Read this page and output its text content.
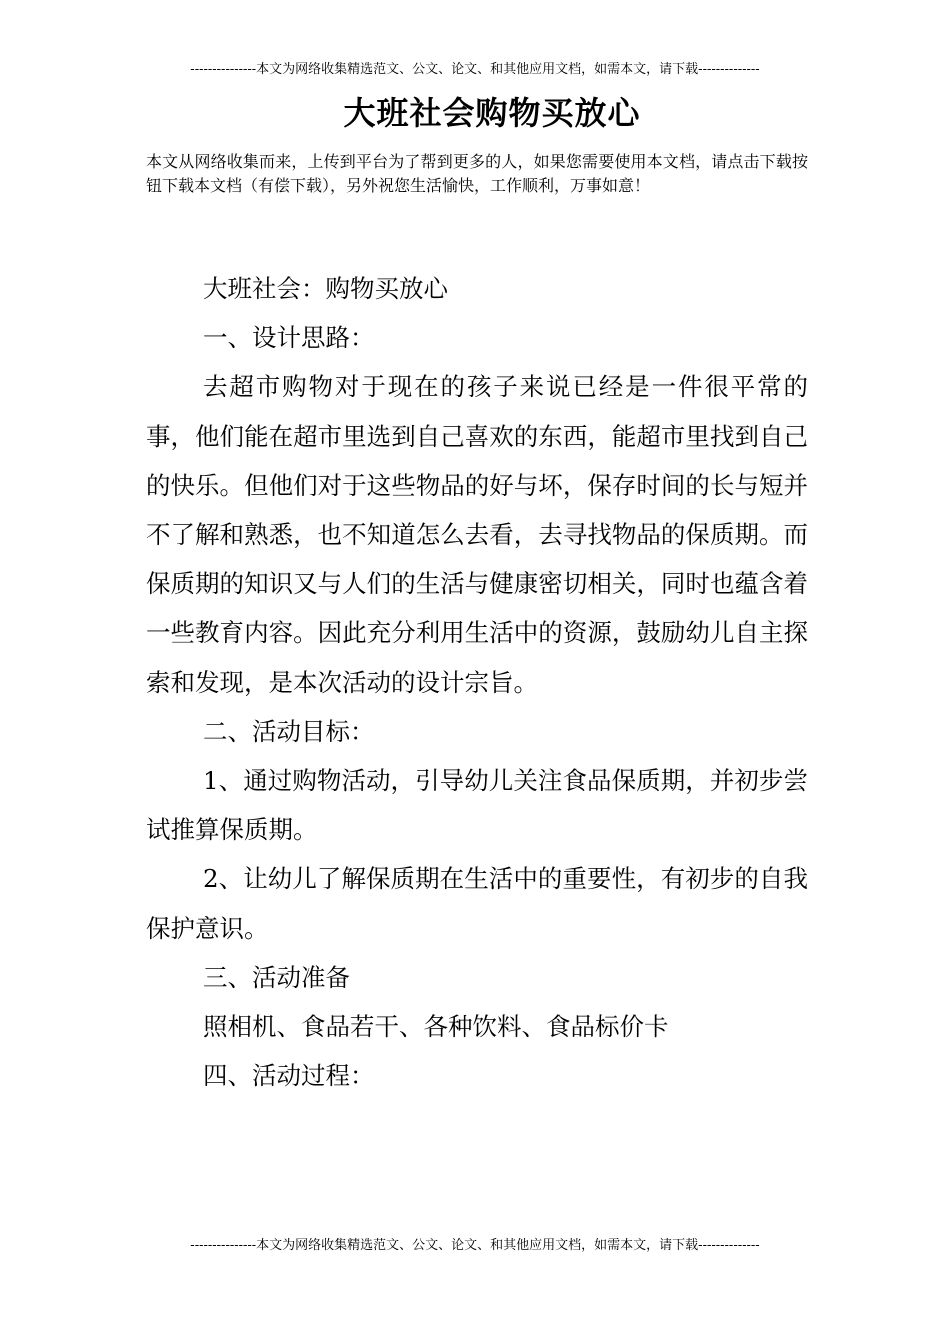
---------------本文为网络收集精选范文、公文、论文、和其他应用文档，如需本文，请下载--------------
大班社会购物买放心

本文从网络收集而来，上传到平台为了帮到更多的人，如果您需要使用本文档，请点击下载按钮下载本文档（有偿下载），另外祝您生活愉快，工作顺利，万事如意！

大班社会：购物买放心

一、设计思路：

去超市购物对于现在的孩子来说已经是一件很平常的事，他们能在超市里选到自己喜欢的东西，能超市里找到自己的快乐。但他们对于这些物品的好与坏，保存时间的长与短并不了解和熟悉，也不知道怎么去看，去寻找物品的保质期。而保质期的知识又与人们的生活与健康密切相关，同时也蕴含着一些教育内容。因此充分利用生活中的资源，鼓励幼儿自主探索和发现，是本次活动的设计宗旨。

二、活动目标：

1、通过购物活动，引导幼儿关注食品保质期，并初步尝试推算保质期。

2、让幼儿了解保质期在生活中的重要性，有初步的自我保护意识。

三、活动准备

照相机、食品若干、各种饮料、食品标价卡

四、活动过程：

---------------本文为网络收集精选范文、公文、论文、和其他应用文档，如需本文，请下载--------------
